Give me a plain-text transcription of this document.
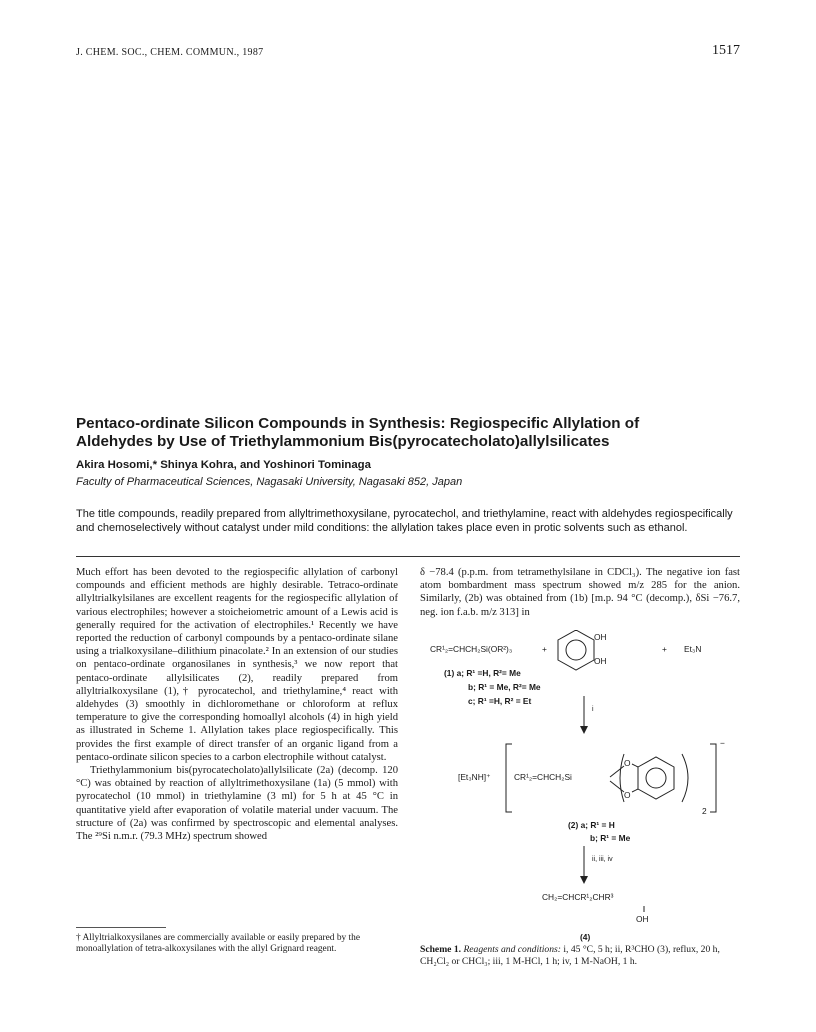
J. CHEM. SOC., CHEM. COMMUN., 1987	1517
Pentaco-ordinate Silicon Compounds in Synthesis: Regiospecific Allylation of Aldehydes by Use of Triethylammonium Bis(pyrocatecholato)allylsilicates
Akira Hosomi,* Shinya Kohra, and Yoshinori Tominaga
Faculty of Pharmaceutical Sciences, Nagasaki University, Nagasaki 852, Japan
The title compounds, readily prepared from allyltrimethoxysilane, pyrocatechol, and triethylamine, react with aldehydes regiospecifically and chemoselectively without catalyst under mild conditions: the allylation takes place even in protic solvents such as ethanol.

Much effort has been devoted to the regiospecific allylation of carbonyl compounds and efficient methods are highly desirable. Tetraco-ordinate allyltrialkylsilanes are excellent reagents for the regiospecific allylation of various electrophiles; however a stoicheiometric amount of a Lewis acid is generally required for the activation of electrophiles.¹ Recently we have reported the reduction of carbonyl compounds by a pentaco-ordinate silane using a trialkoxysilane–dilithium pinacolate.² In an extension of our studies on pentaco-ordinate organosilanes in synthesis,³ we now report that pentaco-ordinate allylsilicates (2), readily prepared from allyltrialkoxysilane (1),† pyrocatechol, and triethylamine,⁴ react with aldehydes (3) smoothly in dichloromethane or chloroform at reflux temperature to give the corresponding homoallyl alcohols (4) in high yield as illustrated in Scheme 1. Allylation takes place regiospecifically. This provides the first example of direct transfer of an organic ligand from a pentaco-ordinate silicon species to a carbon electrophile without catalyst.

Triethylammonium bis(pyrocatecholato)allylsilicate (2a) (decomp. 120 °C) was obtained by reaction of allyltrimethoxysilane (1a) (5 mmol) with pyrocatechol (10 mmol) in triethylamine (3 ml) for 5 h at 45 °C in quantitative yield after evaporation of volatile material under vacuum. The structure of (2a) was confirmed by spectroscopic and elemental analyses. The ²⁹Si n.m.r. (79.3 MHz) spectrum showed

† Allyltrialkoxysilanes are commercially available or easily prepared by the monoallylation of tetra-alkoxysilanes with the allyl Grignard reagent.

δ −78.4 (p.p.m. from tetramethylsilane in CDCl₃). The negative ion fast atom bombardment mass spectrum showed m/z 285 for the anion. Similarly, (2b) was obtained from (1b) [m.p. 94 °C (decomp.), δSi −76.7, neg. ion f.a.b. m/z 313] in

CR¹₂=CHCH₂Si(OR²)₃	+
OH
OH
+ Et₃N
(1) a; R¹ =H, R²= Me
b; R¹ = Me, R²= Me
c; R¹ =H, R² = Et
i
[Et₃NH]⁺	CR¹₂=CHCH₂Si
O
O
2
−
(2) a; R¹ = H
b; R¹ = Me
ii, iii, iv
CH₂=CHCR¹₂CHR³
OH
(4)
Scheme 1. Reagents and conditions: i, 45 °C, 5 h; ii, R³CHO (3), reflux, 20 h, CH₂Cl₂ or CHCl₃; iii, 1 M-HCl, 1 h; iv, 1 M-NaOH, 1 h.
